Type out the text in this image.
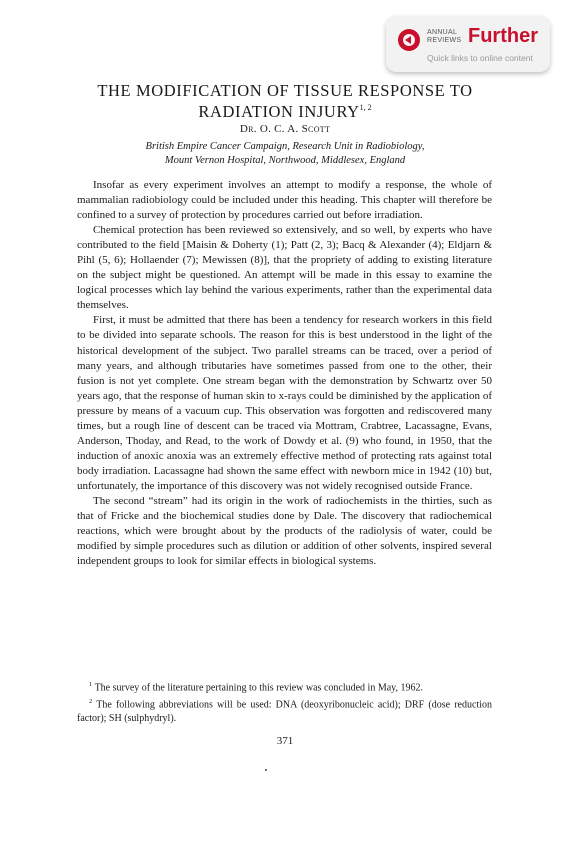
ANNUAL
REVIEWS Further
Quick links to online content
THE MODIFICATION OF TISSUE RESPONSE TO
RADIATION INJURY$^{1, 2}$
Dr. O. C. A. Scott
British Empire Cancer Campaign, Research Unit in Radiobiology,
Mount Vernon Hospital, Northwood, Middlesex, England

Insofar as every experiment involves an attempt to modify a response, the whole of mammalian radiobiology could be included under this heading. This chapter will therefore be confined to a survey of protection by procedures carried out before irradiation.

Chemical protection has been reviewed so extensively, and so well, by experts who have contributed to the field [Maisin & Doherty (1); Patt (2, 3); Bacq & Alexander (4); Eldjarn & Pihl (5, 6); Hollaender (7); Mewissen (8)], that the propriety of adding to existing literature on the subject might be questioned. An attempt will be made in this essay to examine the logical processes which lay behind the various experiments, rather than the experimental data themselves.

First, it must be admitted that there has been a tendency for research workers in this field to be divided into separate schools. The reason for this is best understood in the light of the historical development of the subject. Two parallel streams can be traced, over a period of many years, and although tributaries have sometimes passed from one to the other, their fusion is not yet complete. One stream began with the demonstration by Schwartz over 50 years ago, that the response of human skin to x-rays could be diminished by the application of pressure by means of a vacuum cup. This observation was forgotten and rediscovered many times, but a rough line of descent can be traced via Mottram, Crabtree, Lacassagne, Evans, Anderson, Thoday, and Read, to the work of Dowdy et al. (9) who found, in 1950, that the induction of anoxic anoxia was an extremely effective method of protecting rats against total body irradiation. Lacassagne had shown the same effect with newborn mice in 1942 (10) but, unfortunately, the importance of this discovery was not widely recognised outside France.

The second “stream” had its origin in the work of radiochemists in the thirties, such as that of Fricke and the biochemical studies done by Dale. The discovery that radiochemical reactions, which were brought about by the products of the radiolysis of water, could be modified by simple procedures such as dilution or addition of other solvents, inspired several independent groups to look for similar effects in biological systems.

$^1$ The survey of the literature pertaining to this review was concluded in May, 1962.

$^2$ The following abbreviations will be used: DNA (deoxyribonucleic acid); DRF (dose reduction factor); SH (sulphydryl).

371
